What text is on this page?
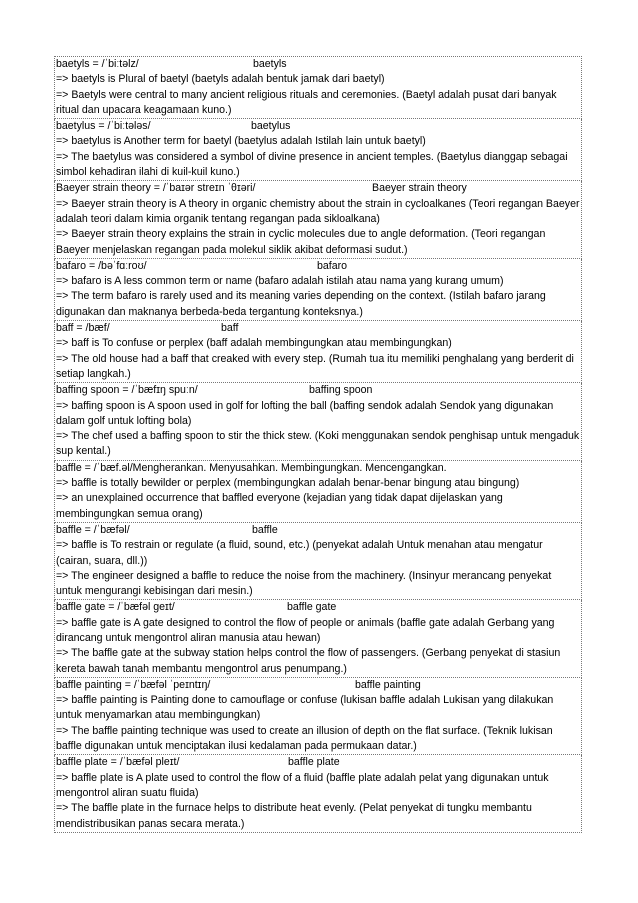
baetyls = /ˈbiːtəlz/	baetyls
=> baetyls is Plural of baetyl (baetyls adalah bentuk jamak dari baetyl)
=> Baetyls were central to many ancient religious rituals and ceremonies. (Baetyl adalah pusat dari banyak ritual dan upacara keagamaan kuno.)
baetylus = /ˈbiːtələs/	baetylus
=> baetylus is Another term for baetyl (baetylus adalah Istilah lain untuk baetyl)
=> The baetylus was considered a symbol of divine presence in ancient temples. (Baetylus dianggap sebagai simbol kehadiran ilahi di kuil-kuil kuno.)
Baeyer strain theory = /ˈbaɪər streɪn ˈθɪəri/	Baeyer strain theory
=> Baeyer strain theory is A theory in organic chemistry about the strain in cycloalkanes (Teori regangan Baeyer adalah teori dalam kimia organik tentang regangan pada sikloalkana)
=> Baeyer strain theory explains the strain in cyclic molecules due to angle deformation. (Teori regangan Baeyer menjelaskan regangan pada molekul siklik akibat deformasi sudut.)
bafaro = /bəˈfɑːroʊ/	bafaro
=> bafaro is A less common term or name (bafaro adalah istilah atau nama yang kurang umum)
=> The term bafaro is rarely used and its meaning varies depending on the context. (Istilah bafaro jarang digunakan dan maknanya berbeda-beda tergantung konteksnya.)
baff = /bæf/	baff
=> baff is To confuse or perplex (baff adalah membingungkan atau membingungkan)
=> The old house had a baff that creaked with every step. (Rumah tua itu memiliki penghalang yang berderit di setiap langkah.)
baffing spoon = /ˈbæfɪŋ spuːn/	baffing spoon
=> baffing spoon is A spoon used in golf for lofting the ball (baffing sendok adalah Sendok yang digunakan dalam golf untuk lofting bola)
=> The chef used a baffing spoon to stir the thick stew. (Koki menggunakan sendok penghisap untuk mengaduk sup kental.)
baffle = /ˈbæf.əl/Mengherankan. Menyusahkan. Membingungkan. Mencengangkan.
=> baffle is totally bewilder or perplex (membingungkan adalah benar-benar bingung atau bingung)
=> an unexplained occurrence that baffled everyone (kejadian yang tidak dapat dijelaskan yang membingungkan semua orang)
baffle = /ˈbæfəl/	baffle
=> baffle is To restrain or regulate (a fluid, sound, etc.) (penyekat adalah Untuk menahan atau mengatur (cairan, suara, dll.))
=> The engineer designed a baffle to reduce the noise from the machinery. (Insinyur merancang penyekat untuk mengurangi kebisingan dari mesin.)
baffle gate = /ˈbæfəl ɡeɪt/	baffle gate
=> baffle gate is A gate designed to control the flow of people or animals (baffle gate adalah Gerbang yang dirancang untuk mengontrol aliran manusia atau hewan)
=> The baffle gate at the subway station helps control the flow of passengers. (Gerbang penyekat di stasiun kereta bawah tanah membantu mengontrol arus penumpang.)
baffle painting = /ˈbæfəl ˈpeɪntɪŋ/	baffle painting
=> baffle painting is Painting done to camouflage or confuse (lukisan baffle adalah Lukisan yang dilakukan untuk menyamarkan atau membingungkan)
=> The baffle painting technique was used to create an illusion of depth on the flat surface. (Teknik lukisan baffle digunakan untuk menciptakan ilusi kedalaman pada permukaan datar.)
baffle plate = /ˈbæfəl pleɪt/	baffle plate
=> baffle plate is A plate used to control the flow of a fluid (baffle plate adalah pelat yang digunakan untuk mengontrol aliran suatu fluida)
=> The baffle plate in the furnace helps to distribute heat evenly. (Pelat penyekat di tungku membantu mendistribusikan panas secara merata.)
